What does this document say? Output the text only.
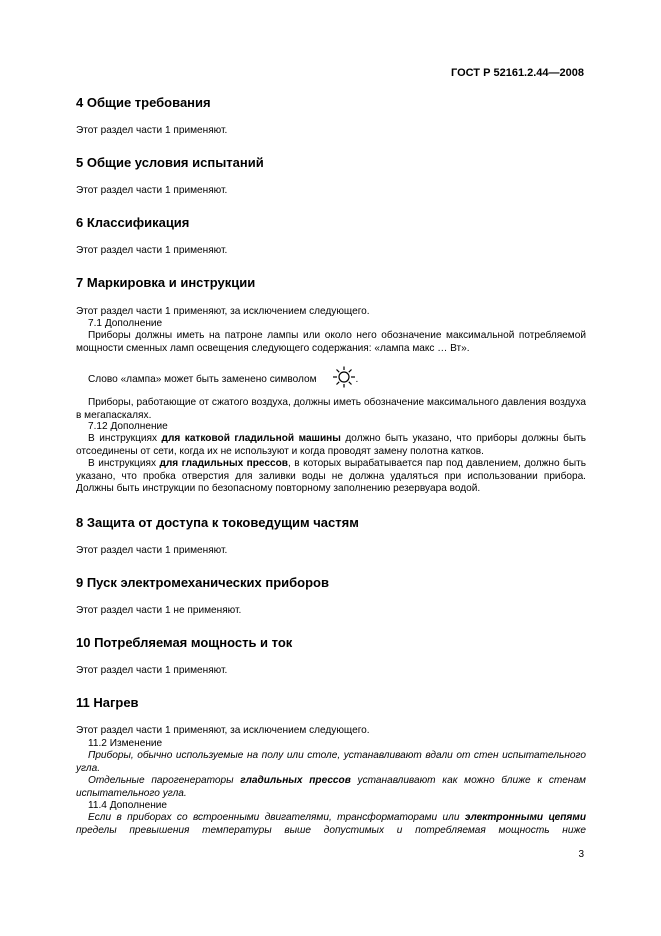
ГОСТ Р 52161.2.44—2008
4 Общие требования
Этот раздел части 1 применяют.
5 Общие условия испытаний
Этот раздел части 1 применяют.
6 Классификация
Этот раздел части 1 применяют.
7 Маркировка и инструкции
Этот раздел части 1 применяют, за исключением следующего.
7.1 Дополнение
Приборы должны иметь на патроне лампы или около него обозначение максимальной потребляемой мощности сменных ламп освещения следующего содержания: «лампа макс … Вт».
Слово «лампа» может быть заменено символом	.
Приборы, работающие от сжатого воздуха, должны иметь обозначение максимального давления воздуха в мегапаскалях.
7.12 Дополнение
В инструкциях для катковой гладильной машины должно быть указано, что приборы должны быть отсоединены от сети, когда их не используют и когда проводят замену полотна катков.
В инструкциях для гладильных прессов, в которых вырабатывается пар под давлением, должно быть указано, что пробка отверстия для заливки воды не должна удаляться при использовании прибора. Должны быть инструкции по безопасному повторному заполнению резервуара водой.
8 Защита от доступа к токоведущим частям
Этот раздел части 1 применяют.
9 Пуск электромеханических приборов
Этот раздел части 1 не применяют.
10 Потребляемая мощность и ток
Этот раздел части 1 применяют.
11 Нагрев
Этот раздел части 1 применяют, за исключением следующего.
11.2 Изменение
Приборы, обычно используемые на полу или столе, устанавливают вдали от стен испытательного угла.
Отдельные парогенераторы гладильных прессов устанавливают как можно ближе к стенам испытательного угла.
11.4 Дополнение
Если в приборах со встроенными двигателями, трансформаторами или электронными цепями пределы превышения температуры выше допустимых и потребляемая мощность ниже
3
